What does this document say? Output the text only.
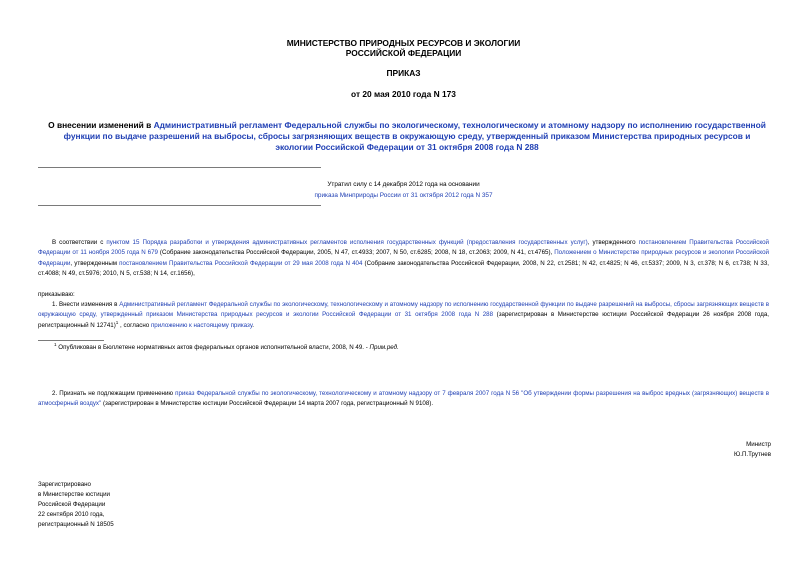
МИНИСТЕРСТВО ПРИРОДНЫХ РЕСУРСОВ И ЭКОЛОГИИ
РОССИЙСКОЙ ФЕДЕРАЦИИ
ПРИКАЗ
от 20 мая 2010 года N 173
О внесении изменений в Административный регламент Федеральной службы по экологическому, технологическому и атомному надзору по исполнению государственной функции по выдаче разрешений на выбросы, сбросы загрязняющих веществ в окружающую среду, утвержденный приказом Министерства природных ресурсов и экологии Российской Федерации от 31 октября 2008 года N 288
Утратил силу с 14 декабря 2012 года на основании
приказа Минприроды России от 31 октября 2012 года N 357
В соответствии с пунктом 15 Порядка разработки и утверждения административных регламентов исполнения государственных функций (предоставления государственных услуг), утвержденного постановлением Правительства Российской Федерации от 11 ноября 2005 года N 679 (Собрание законодательства Российской Федерации, 2005, N 47, ст.4933; 2007, N 50, ст.6285; 2008, N 18, ст.2063; 2009, N 41, ст.4765), Положением о Министерстве природных ресурсов и экологии Российской Федерации, утвержденным постановлением Правительства Российской Федерации от 29 мая 2008 года N 404 (Собрание законодательства Российской Федерации, 2008, N 22, ст.2581; N 42, ст.4825; N 46, ст.5337; 2009, N 3, ст.378; N 6, ст.738; N 33, ст.4088; N 49, ст.5976; 2010, N 5, ст.538; N 14, ст.1656),
приказываю:
1. Внести изменения в Административный регламент Федеральной службы по экологическому, технологическому и атомному надзору по исполнению государственной функции по выдаче разрешений на выбросы, сбросы загрязняющих веществ в окружающую среду, утвержденный приказом Министерства природных ресурсов и экологии Российской Федерации от 31 октября 2008 года N 288 (зарегистрирован в Министерстве юстиции Российской Федерации 26 ноября 2008 года, регистрационный N 12741)$^1$ , согласно приложению к настоящему приказу.
$^1$ Опубликован в Бюллетене нормативных актов федеральных органов исполнительной власти, 2008, N 49. - Прим.ред.
2. Признать не подлежащим применению приказ Федеральной службы по экологическому, технологическому и атомному надзору от 7 февраля 2007 года N 56 "Об утверждении формы разрешения на выброс вредных (загрязняющих) веществ в атмосферный воздух" (зарегистрирован в Министерстве юстиции Российской Федерации 14 марта 2007 года, регистрационный N 9108).
Министр
Ю.П.Трутнев
Зарегистрировано
в Министерстве юстиции
Российской Федерации
22 сентября 2010 года,
регистрационный N 18505
